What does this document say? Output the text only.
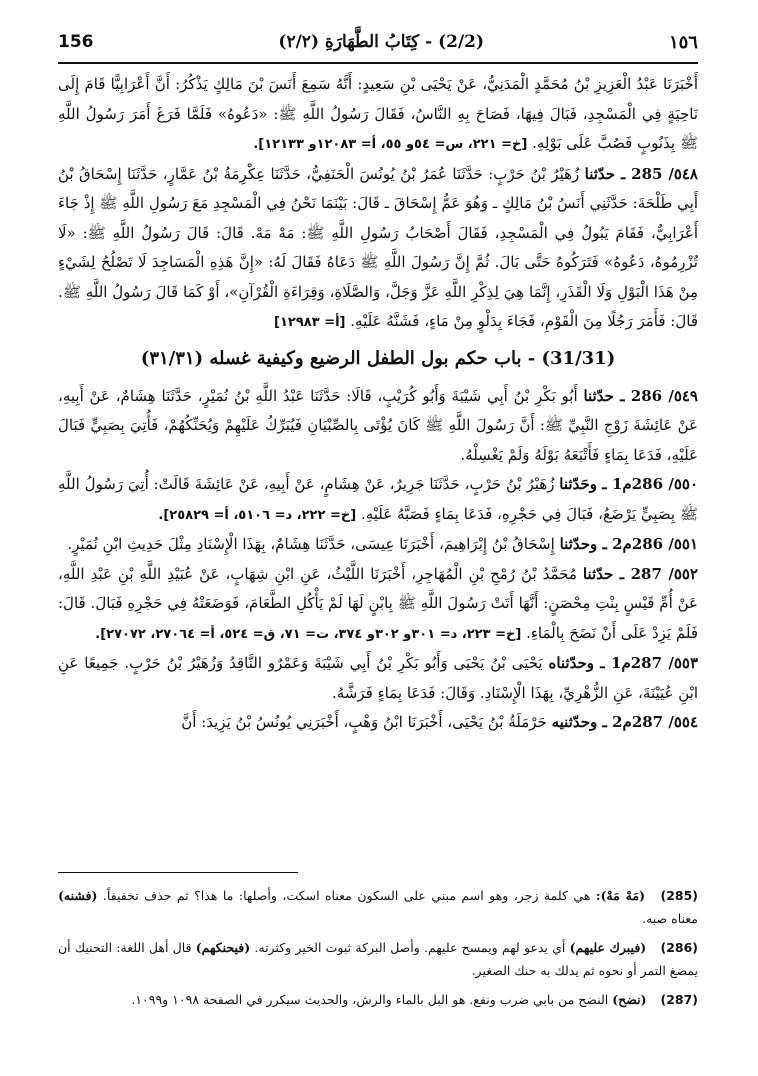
156	(2/2) - كِتَابُ الطَّهَارَةِ (٢/٢)	١٥٦

أَخْبَرَنَا عَبْدُ الْعَزِيزِ بْنُ مُحَمَّدٍ الْمَدَنِيُّ، عَنْ يَحْيَى بْنِ سَعِيدٍ: أَنَّهُ سَمِعَ أَنَسَ بْنَ مَالِكٍ يَذْكُرُ: أَنَّ أَعْرَابِيًّا قَامَ إِلَى نَاحِيَةٍ فِي الْمَسْجِدِ، فَبَالَ فِيهَا، فَصَاحَ بِهِ النَّاسُ، فَقَالَ رَسُولُ اللَّهِ ﷺ: «دَعُوهُ» فَلَمَّا فَرَغَ أَمَرَ رَسُولُ اللَّهِ ﷺ بِذَنُوبٍ فَصُبَّ عَلَى بَوْلِهِ. [خ= ٢٢١، س= ٥٤و ٥٥، أ= ١٢٠٨٣و ١٢١٣٣].

٥٤٨/ 285 ـ حدّثنا زُهَيْرُ بْنُ حَرْبٍ: حَدَّثَنَا عُمَرُ بْنُ يُونُسَ الْحَنَفِيُّ، حَدَّثَنَا عِكْرِمَةُ بْنُ عَمَّارٍ، حَدَّثَنَا إِسْحَاقُ بْنُ أَبِي طَلْحَةَ: حَدَّثَنِي أَنَسُ بْنُ مَالِكٍ ـ وَهُوَ عَمُّ إِسْحَاقَ ـ قَالَ: بَيْنَمَا نَحْنُ فِي الْمَسْجِدِ مَعَ رَسُولِ اللَّهِ ﷺ إِذْ جَاءَ أَعْرَابِيٌّ، فَقَامَ يَبُولُ فِي الْمَسْجِدِ، فَقَالَ أَصْحَابُ رَسُولِ اللَّهِ ﷺ: مَهْ مَهْ. قَالَ: قَالَ رَسُولُ اللَّهِ ﷺ: «لَا تُزْرِمُوهُ، دَعُوهُ» فَتَرَكُوهُ حَتَّى بَالَ. ثُمَّ إِنَّ رَسُولَ اللَّهِ ﷺ دَعَاهُ فَقَالَ لَهُ: «إِنَّ هَذِهِ الْمَسَاجِدَ لَا تَصْلُحُ لِشَيْءٍ مِنْ هَذَا الْبَوْلِ وَلَا الْقَذَرِ، إِنَّمَا هِيَ لِذِكْرِ اللَّهِ عَزَّ وَجَلَّ، وَالصَّلَاةِ، وَقِرَاءَةِ الْقُرْآنِ»، أَوْ كَمَا قَالَ رَسُولُ اللَّهِ ﷺ. قَالَ: فَأَمَرَ رَجُلًا مِنَ الْقَوْمِ، فَجَاءَ بِدَلْوٍ مِنْ مَاءٍ، فَشَنَّهُ عَلَيْهِ. [أ= ١٢٩٨٣]

(31/31) - باب حكم بول الطفل الرضيع وكيفية غسله (٣١/٣١)

٥٤٩/ 286 ـ حدّثنا أَبُو بَكْرِ بْنُ أَبِي شَيْبَةَ وَأَبُو كُرَيْبٍ، قَالَا: حَدَّثَنَا عَبْدُ اللَّهِ بْنُ نُمَيْرٍ، حَدَّثَنَا هِشَامٌ، عَنْ أَبِيهِ، عَنْ عَائِشَةَ زَوْجِ النَّبِيِّ ﷺ: أَنَّ رَسُولَ اللَّهِ ﷺ كَانَ يُؤْتَى بِالصِّبْيَانِ فَيُبَرِّكُ عَلَيْهِمْ وَيُحَنِّكُهُمْ، فَأُتِيَ بِصَبِيٍّ فَبَالَ عَلَيْهِ، فَدَعَا بِمَاءٍ فَأَتْبَعَهُ بَوْلَهُ وَلَمْ يَغْسِلْهُ.

٥٥٠/ 286م1 ـ وحَدّثنا زُهَيْرُ بْنُ حَرْبٍ، حَدَّثَنَا جَرِيرٌ، عَنْ هِشَامٍ، عَنْ أَبِيهِ، عَنْ عَائِشَةَ قَالَتْ: أُتِيَ رَسُولُ اللَّهِ ﷺ بِصَبِيٍّ يَرْضَعُ، فَبَالَ فِي حَجْرِهِ، فَدَعَا بِمَاءٍ فَصَبَّهُ عَلَيْهِ. [خ= ٢٢٢، د= ٥١٠٦، أ= ٢٥٨٢٩].

٥٥١/ 286م2 ـ وحدّثنا إِسْحَاقُ بْنُ إِبْرَاهِيمَ، أَخْبَرَنَا عِيسَى، حَدَّثَنَا هِشَامٌ، بِهَذَا الْإِسْنَادِ مِثْلَ حَدِيثِ ابْنِ نُمَيْرٍ.

٥٥٢/ 287 ـ حدّثنا مُحَمَّدُ بْنُ رُمْحِ بْنِ الْمُهَاجِرِ، أَخْبَرَنَا اللَّيْثُ، عَنِ ابْنِ شِهَابٍ، عَنْ عُبَيْدِ اللَّهِ بْنِ عَبْدِ اللَّهِ، عَنْ أُمِّ قَيْسٍ بِنْتِ مِحْصَنٍ: أَنَّهَا أَتَتْ رَسُولَ اللَّهِ ﷺ بِابْنٍ لَهَا لَمْ يَأْكُلِ الطَّعَامَ، فَوَضَعَتْهُ فِي حَجْرِهِ فَبَالَ. قَالَ: فَلَمْ يَزِدْ عَلَى أَنْ نَضَحَ بِالْمَاءِ. [خ= ٢٢٣، د= ٣٠١و ٣٠٢و ٣٧٤، ت= ٧١، ق= ٥٢٤، أ= ٢٧٠٦٤، ٢٧٠٧٢].

٥٥٣/ 287م1 ـ وحدّثناه يَحْيَى بْنُ يَحْيَى وَأَبُو بَكْرِ بْنُ أَبِي شَيْبَةَ وَعَمْرٌو النَّاقِدُ وَزُهَيْرُ بْنُ حَرْبٍ. جَمِيعًا عَنِ ابْنِ عُيَيْنَةَ، عَنِ الزُّهْرِيِّ، بِهَذَا الْإِسْنَادِ. وَقَالَ: فَدَعَا بِمَاءٍ فَرَشَّهُ.

٥٥٤/ 287م2 ـ وحدّثنيه حَرْمَلَةُ بْنُ يَحْيَى، أَخْبَرَنَا ابْنُ وَهْبٍ، أَخْبَرَنِي يُونُسُ بْنُ يَزِيدَ: أَنَّ

(285) (مَهْ مَهْ): هي كلمة زجر، وهو اسم مبني على السكون معناه اسكت، وأصلها: ما هذا؟ ثم حذف تخفيفاً. (فشنه) معناه صبه.

(286) (فيبرك عليهم) أي يدعو لهم ويمسح عليهم. وأصل البركة ثبوت الخير وكثرته. (فيحنكهم) قال أهل اللغة: التحنيك أن يمضغ التمر أو نحوه ثم يدلك به حنك الصغير.

(287) (نضح) النضح من بابي ضرب ونفع. هو البل بالماء والرش، والحديث سيكرر في الصفحة ١٠٩٨ و١٠٩٩.
